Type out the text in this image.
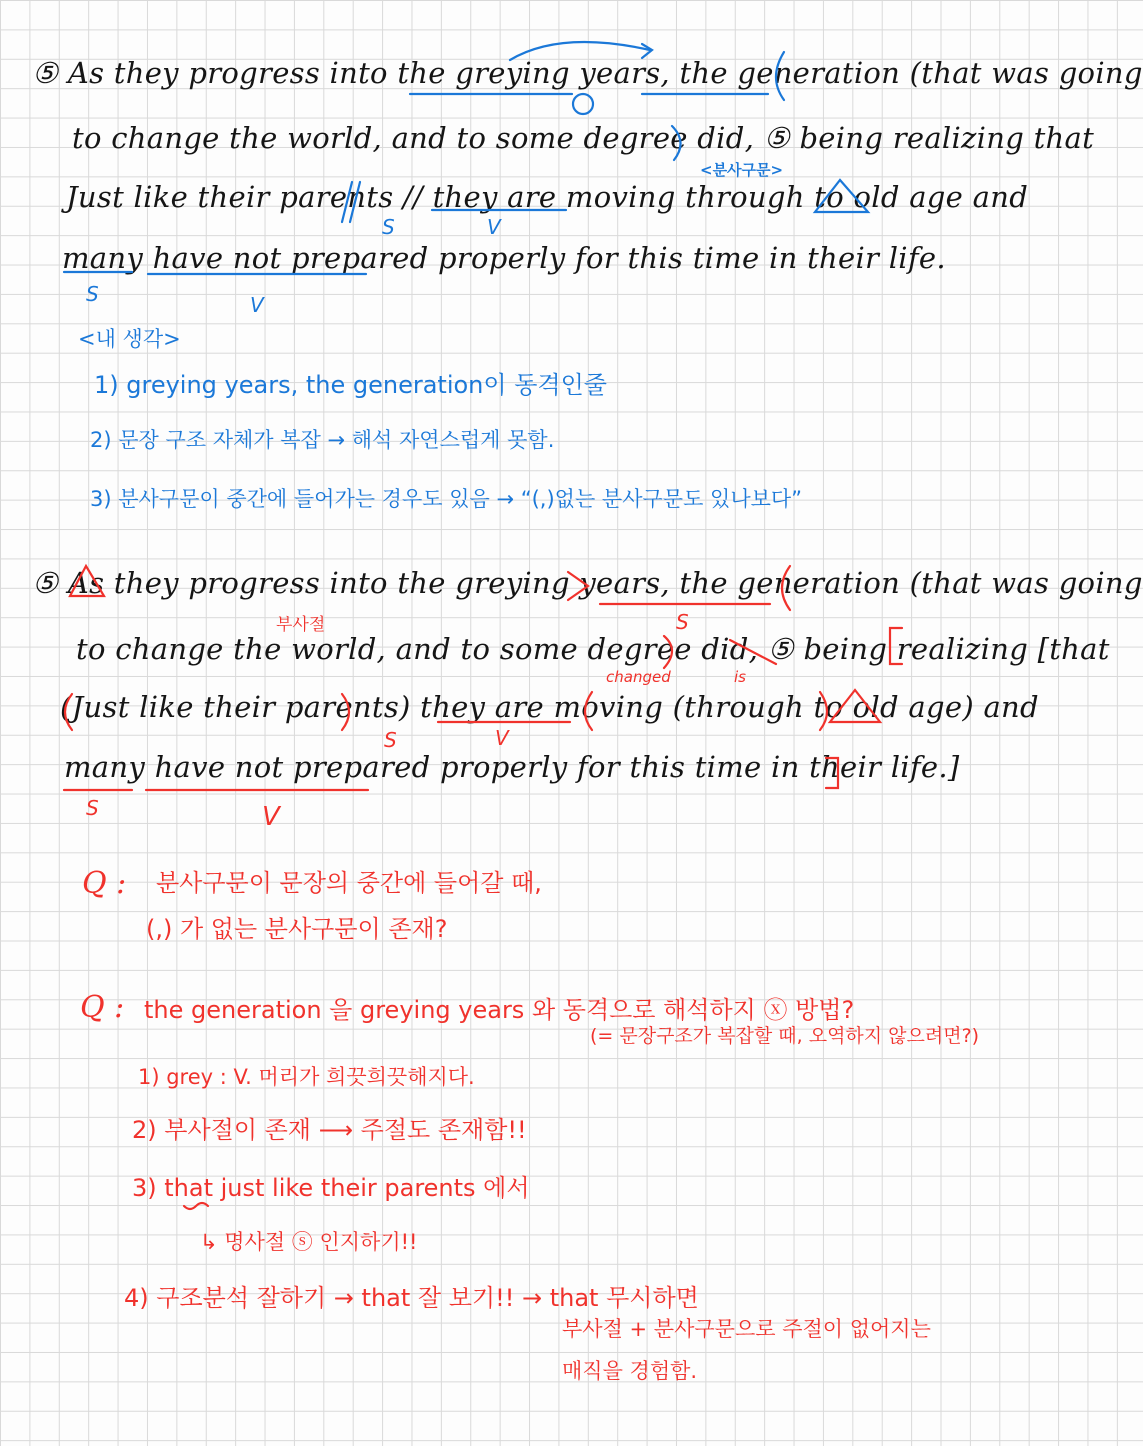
⑤ As they progress into the greying years, the generation (that was going
to change the world, and to some degree did, ⑤ being realizing that
Just like their parents // they are moving through to old age and
many have not prepared properly for this time in their life.
<분사구문>
S	V
S	V
<내 생각>
1) greying years, the generation이 동격인줄
2) 문장 구조 자체가 복잡 → 해석 자연스럽게 못함.
3) 분사구문이 중간에 들어가는 경우도 있음 → “(,)없는 분사구문도 있나보다”
⑤ As they progress into the greying years, the generation (that was going
to change the world, and to some degree did, ⑤ being realizing [that
(Just like their parents) they are moving (through to old age) and
many have not prepared properly for this time in their life.]
부사절
changed	is
S
S	V
S	V
Q : 분사구문이 문장의 중간에 들어갈 때,
(,) 가 없는 분사구문이 존재?
Q : the generation 을 greying years 와 동격으로 해석하지 ⓧ 방법?
(= 문장구조가 복잡할 때, 오역하지 않으려면?)
1) grey : V. 머리가 희끗희끗해지다.
2) 부사절이 존재 ⟶ 주절도 존재함!!
3) that just like their parents 에서
↳ 명사절 ⓢ 인지하기!!
4) 구조분석 잘하기 → that 잘 보기!! → that 무시하면
부사절 + 분사구문으로 주절이 없어지는
매직을 경험함.
